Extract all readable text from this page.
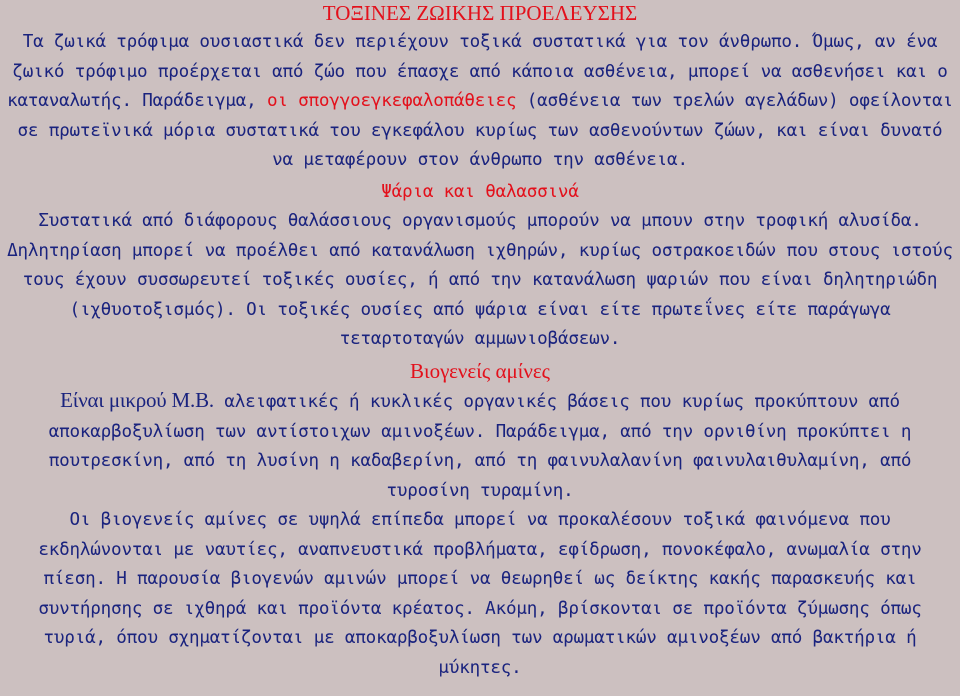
ΤΟΞΙΝΕΣ ΖΩΙΚΗΣ ΠΡΟΕΛΕΥΣΗΣ

Τα ζωικά τρόφιμα ουσιαστικά δεν περιέχουν τοξικά συστατικά για τον άνθρωπο. Όμως, αν ένα ζωικό τρόφιμο προέρχεται από ζώο που έπασχε από κάποια ασθένεια, μπορεί να ασθενήσει και ο καταναλωτής. Παράδειγμα, οι σπογγοεγκεφαλοπάθειες (ασθένεια των τρελών αγελάδων) οφείλονται σε πρωτεϊνικά μόρια συστατικά του εγκεφάλου κυρίως των ασθενούντων ζώων, και είναι δυνατό να μεταφέρουν στον άνθρωπο την ασθένεια.

Ψάρια και θαλασσινά

Συστατικά από διάφορους θαλάσσιους οργανισμούς μπορούν να μπουν στην τροφική αλυσίδα. Δηλητηρίαση μπορεί να προέλθει από κατανάλωση ιχθηρών, κυρίως οστρακοειδών που στους ιστούς τους έχουν συσσωρευτεί τοξικές ουσίες, ή από την κατανάλωση ψαριών που είναι δηλητηριώδη (ιχθυοτοξισμός). Οι τοξικές ουσίες από ψάρια είναι είτε πρωτεΐνες είτε παράγωγα τεταρτοταγών αμμωνιοβάσεων.

Βιογενείς αμίνες

Είναι μικρού Μ.Β. αλειφατικές ή κυκλικές οργανικές βάσεις που κυρίως προκύπτουν από αποκαρβοξυλίωση των αντίστοιχων αμινοξέων. Παράδειγμα, από την ορνιθίνη προκύπτει η πουτρεσκίνη, από τη λυσίνη η καδαβερίνη, από τη φαινυλαλανίνη φαινυλαιθυλαμίνη, από τυροσίνη τυραμίνη.

Οι βιογενείς αμίνες σε υψηλά επίπεδα μπορεί να προκαλέσουν τοξικά φαινόμενα που εκδηλώνονται με ναυτίες, αναπνευστικά προβλήματα, εφίδρωση, πονοκέφαλο, ανωμαλία στην πίεση. Η παρουσία βιογενών αμινών μπορεί να θεωρηθεί ως δείκτης κακής παρασκευής και συντήρησης σε ιχθηρά και προϊόντα κρέατος. Ακόμη, βρίσκονται σε προϊόντα ζύμωσης όπως τυριά, όπου σχηματίζονται με αποκαρβοξυλίωση των αρωματικών αμινοξέων από βακτήρια ή μύκητες.
